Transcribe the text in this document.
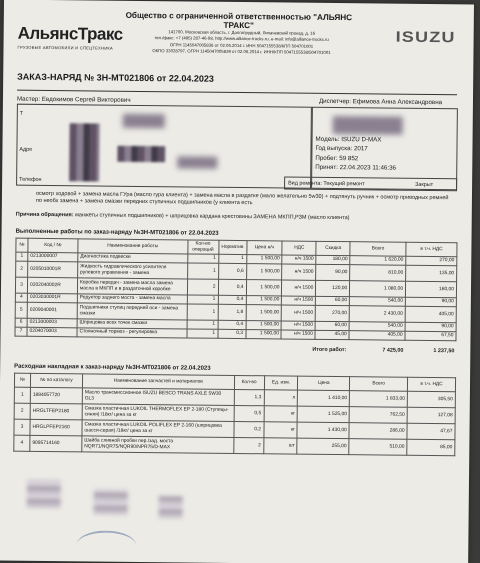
АльянсТракс
ГРУЗОВЫЕ АВТОМОБИЛИ И СПЕЦТЕХНИКА
Общество с ограниченной ответственностью "АЛЬЯНС ТРАКС"
141700, Московская область, г. Долгопрудный, Лихачевский проезд, д. 16
тел./факс: +7 (495) 287-46-98, http://www.alliance-trucks.ru, e-mail: info@alliance-trucks.ru
ОГРН 1145047005836 от 02.06.2014 г. ИНН 5047155538/КПП 504701001
ОКПО 33028797, ОГРН 1145047005839 от 02.06.2014 г. ИНН/КПП 5047155538/504701001
ISUZU
ЗАКАЗ-НАРЯД № 3Н-МТ021806 от 22.04.2023
Мастер: Евдокимов Сергей Викторович	Диспетчер: Ефимова Анна Александровна
Т
Адре
Телефон
Модель: ISUZU D-MAX
Год выпуска: 2017
Пробег: 59 852
Принят: 22.04.2023 11:46:36
Вид ремонта: Текущий ремонт	Закрыт
осмотр ходовой + замена масла ГУра (масло гура клиента) + замена масла в раздатке (мало желательно 5w30) + подтянуть ручник + осмотр приводных ремней по необх замена + замена смазки передних ступичных подшипников (у клиента есть
Причина обращения: манжеты ступичных подшипников) + шприцовка кардана крестовины ЗАМЕНА МКПП,РЗМ (масло клиента)
Выполненные работы по заказ-наряду №3Н-МТ021806 от 22.04.2023
№	Код / №	Наименование работы	Кол-во операций	Норматив	Цена н/ч	НДС	Скидка	Всего	в т.ч. НДС
1	0213000007	Диагностика подвески	1	1	1 500,00	н/ч 1500	180,00	1 620,00	270,00
2	0205010001R	Жидкость гидравлического усилителя рулевого управления - замена	1	0,6	1 500,00	н/ч 1500	90,00	810,00	135,00
3	0202040002R	Коробка передач - замена масла замена масла в МКПП и в раздаточной коробке	2	0,4	1 500,00	н/ч 1500	120,00	1 080,00	180,00
4	0203030001R	Редуктор заднего моста - замена масла	1	0,4	1 500,00	н/ч 1500	60,00	540,00	90,00
5	0209040001	Подшипники ступиц передней оси - замена смазки	1	1,8	1 500,00	н/ч 1500	270,00	2 430,00	405,00
6	0213000003	Шприцовка всех точек смазки	1	0,4	1 500,00	н/ч 1500	60,00	540,00	90,00
7	0204070003	Стояночный тормоз - регулировка	1	0,3	1 500,00	н/ч 1500	45,00	405,00	67,50
	Итого работ:	7 425,00	1 237,50
Расходная накладная к заказ-наряду №3Н-МТ021806 от 22.04.2023
№	№ по каталогу	Наименование запчастей и материалов	Кол-во	Ед. изм.	Цена	Всего	в т.ч. НДС
1	1884057720	Масло трансмиссионное ISUZU BESCO TRANS AXLE 5W30 GL3	1,3	л	1 410,00	1 833,00	305,50
2	HRGLTFEP2180	Смазка пластичная LUKOIL THERMOFLEX EP 2-180 (Ступицы-синяя) /18кг/ цена за кг	0,5	кг	1 525,00	762,50	127,08
3	HRGLPFEP2160	Смазка пластичная LUKOIL POLIFLEX EP 2-160 (шприцовка шасси-серая) /18кг/ цена за кг	0,2	кг	1 430,00	286,00	47,67
4	9095714160	Шайба сливной пробки пер./зад. моста NQR71/NQR75/NQR90/NPR75/D-MAX	2	шт	255,00	510,00	85,00
